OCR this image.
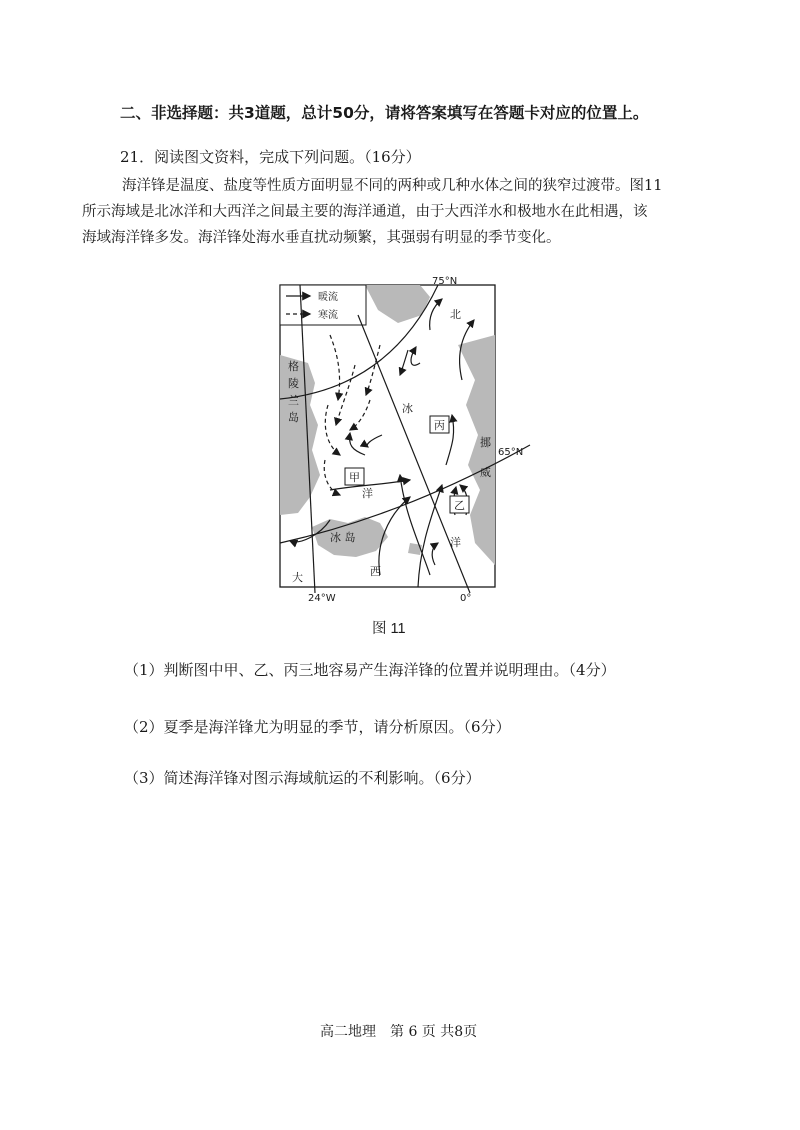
二、非选择题：共3道题，总计50分，请将答案填写在答题卡对应的位置上。
21．阅读图文资料，完成下列问题。（16分）
海洋锋是温度、盐度等性质方面明显不同的两种或几种水体之间的狭窄过渡带。图11
所示海域是北冰洋和大西洋之间最主要的海洋通道，由于大西洋水和极地水在此相遇，该
海域海洋锋多发。海洋锋处海水垂直扰动频繁，其强弱有明显的季节变化。
暖流
寒流
格
陵
兰
岛
北
冰
挪
威
洋
洋
冰 岛
大	西
甲
丙
乙
75°N
65°N
24°W	0°
图 11
（1）判断图中甲、乙、丙三地容易产生海洋锋的位置并说明理由。（4分）
（2）夏季是海洋锋尤为明显的季节，请分析原因。（6分）
（3）简述海洋锋对图示海域航运的不利影响。（6分）
高二地理　第 6 页 共8页
